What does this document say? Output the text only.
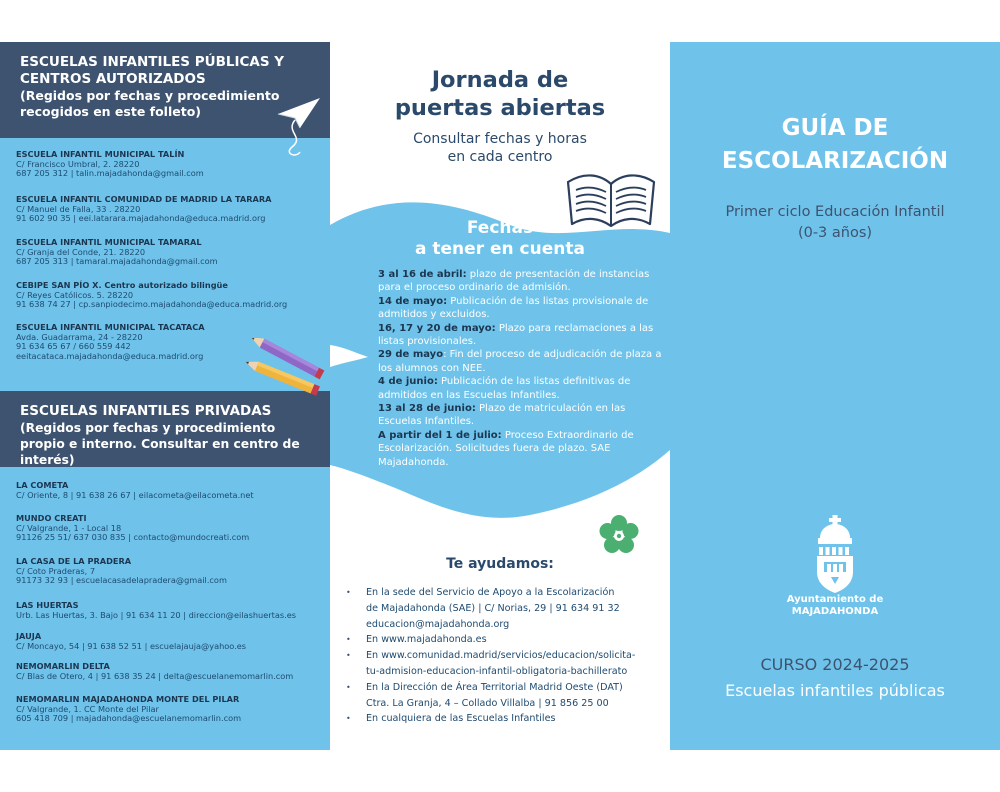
ESCUELAS INFANTILES PÚBLICAS Y CENTROS AUTORIZADOS
(Regidos por fechas y procedimiento recogidos en este folleto)
ESCUELA INFANTIL MUNICIPAL TALÍN
C/ Francisco Umbral, 2. 28220
687 205 312 | talin.majadahonda@gmail.com
ESCUELA INFANTIL COMUNIDAD DE MADRID LA TARARA
C/ Manuel de Falla, 33 . 28220
91 602 90 35 | eei.latarara.majadahonda@educa.madrid.org
ESCUELA INFANTIL MUNICIPAL TAMARAL
C/ Granja del Conde, 21. 28220
687 205 313 | tamaral.majadahonda@gmail.com
CEBIPE SAN PÍO X. Centro autorizado bilingüe
C/ Reyes Católicos. 5. 28220
91 638 74 27 | cp.sanpiodecimo.majadahonda@educa.madrid.org
ESCUELA INFANTIL MUNICIPAL TACATACA
Avda. Guadarrama, 24 - 28220
91 634 65 67 / 660 559 442
eeitacataca.majadahonda@educa.madrid.org
ESCUELAS INFANTILES PRIVADAS
(Regidos por fechas y procedimiento propio e interno. Consultar en centro de interés)
LA COMETA
C/ Oriente, 8 | 91 638 26 67 | eilacometa@eilacometa.net
MUNDO CREATI
C/ Valgrande, 1 - Local 18
91126 25 51/ 637 030 835 | contacto@mundocreati.com
LA CASA DE LA PRADERA
C/ Coto Praderas, 7
91173 32 93 | escuelacasadelapradera@gmail.com
LAS HUERTAS
Urb. Las Huertas, 3. Bajo | 91 634 11 20 | direccion@eilashuertas.es
JAUJA
C/ Moncayo, 54 | 91 638 52 51 | escuelajauja@yahoo.es
NEMOMARLIN DELTA
C/ Blas de Otero, 4 | 91 638 35 24 | delta@escuelanemomarlin.com
NEMOMARLIN MAJADAHONDA MONTE DEL PILAR
C/ Valgrande, 1. CC Monte del Pilar
605 418 709 | majadahonda@escuelanemomarlin.com
Jornada de
puertas abiertas
Consultar fechas y horas
en cada centro
Fechas
a tener en cuenta
3 al 16 de abril: plazo de presentación de instancias para el proceso ordinario de admisión.
14 de mayo: Publicación de las listas provisionale de admitidos y excluidos.
16, 17 y 20 de mayo: Plazo para reclamaciones a las listas provisionales.
29 de mayo: Fin del proceso de adjudicación de plaza a los alumnos con NEE.
4 de junio: Publicación de las listas definitivas de admitidos en las Escuelas Infantiles.
13 al 28 de junio: Plazo de matriculación en las Escuelas Infantiles.
A partir del 1 de julio: Proceso Extraordinario de Escolarización. Solicitudes fuera de plazo. SAE Majadahonda.
Te ayudamos:
• En la sede del Servicio de Apoyo a la Escolarización
de Majadahonda (SAE) | C/ Norias, 29 | 91 634 91 32
educacion@majadahonda.org
• En www.majadahonda.es
• En www.comunidad.madrid/servicios/educacion/solicita-
tu-admision-educacion-infantil-obligatoria-bachillerato
• En la Dirección de Área Territorial Madrid Oeste (DAT)
Ctra. La Granja, 4 – Collado Villalba | 91 856 25 00
• En cualquiera de las Escuelas Infantiles
GUÍA DE
ESCOLARIZACIÓN
Primer ciclo Educación Infantil
(0-3 años)
Ayuntamiento de
MAJADAHONDA
CURSO 2024-2025
Escuelas infantiles públicas
